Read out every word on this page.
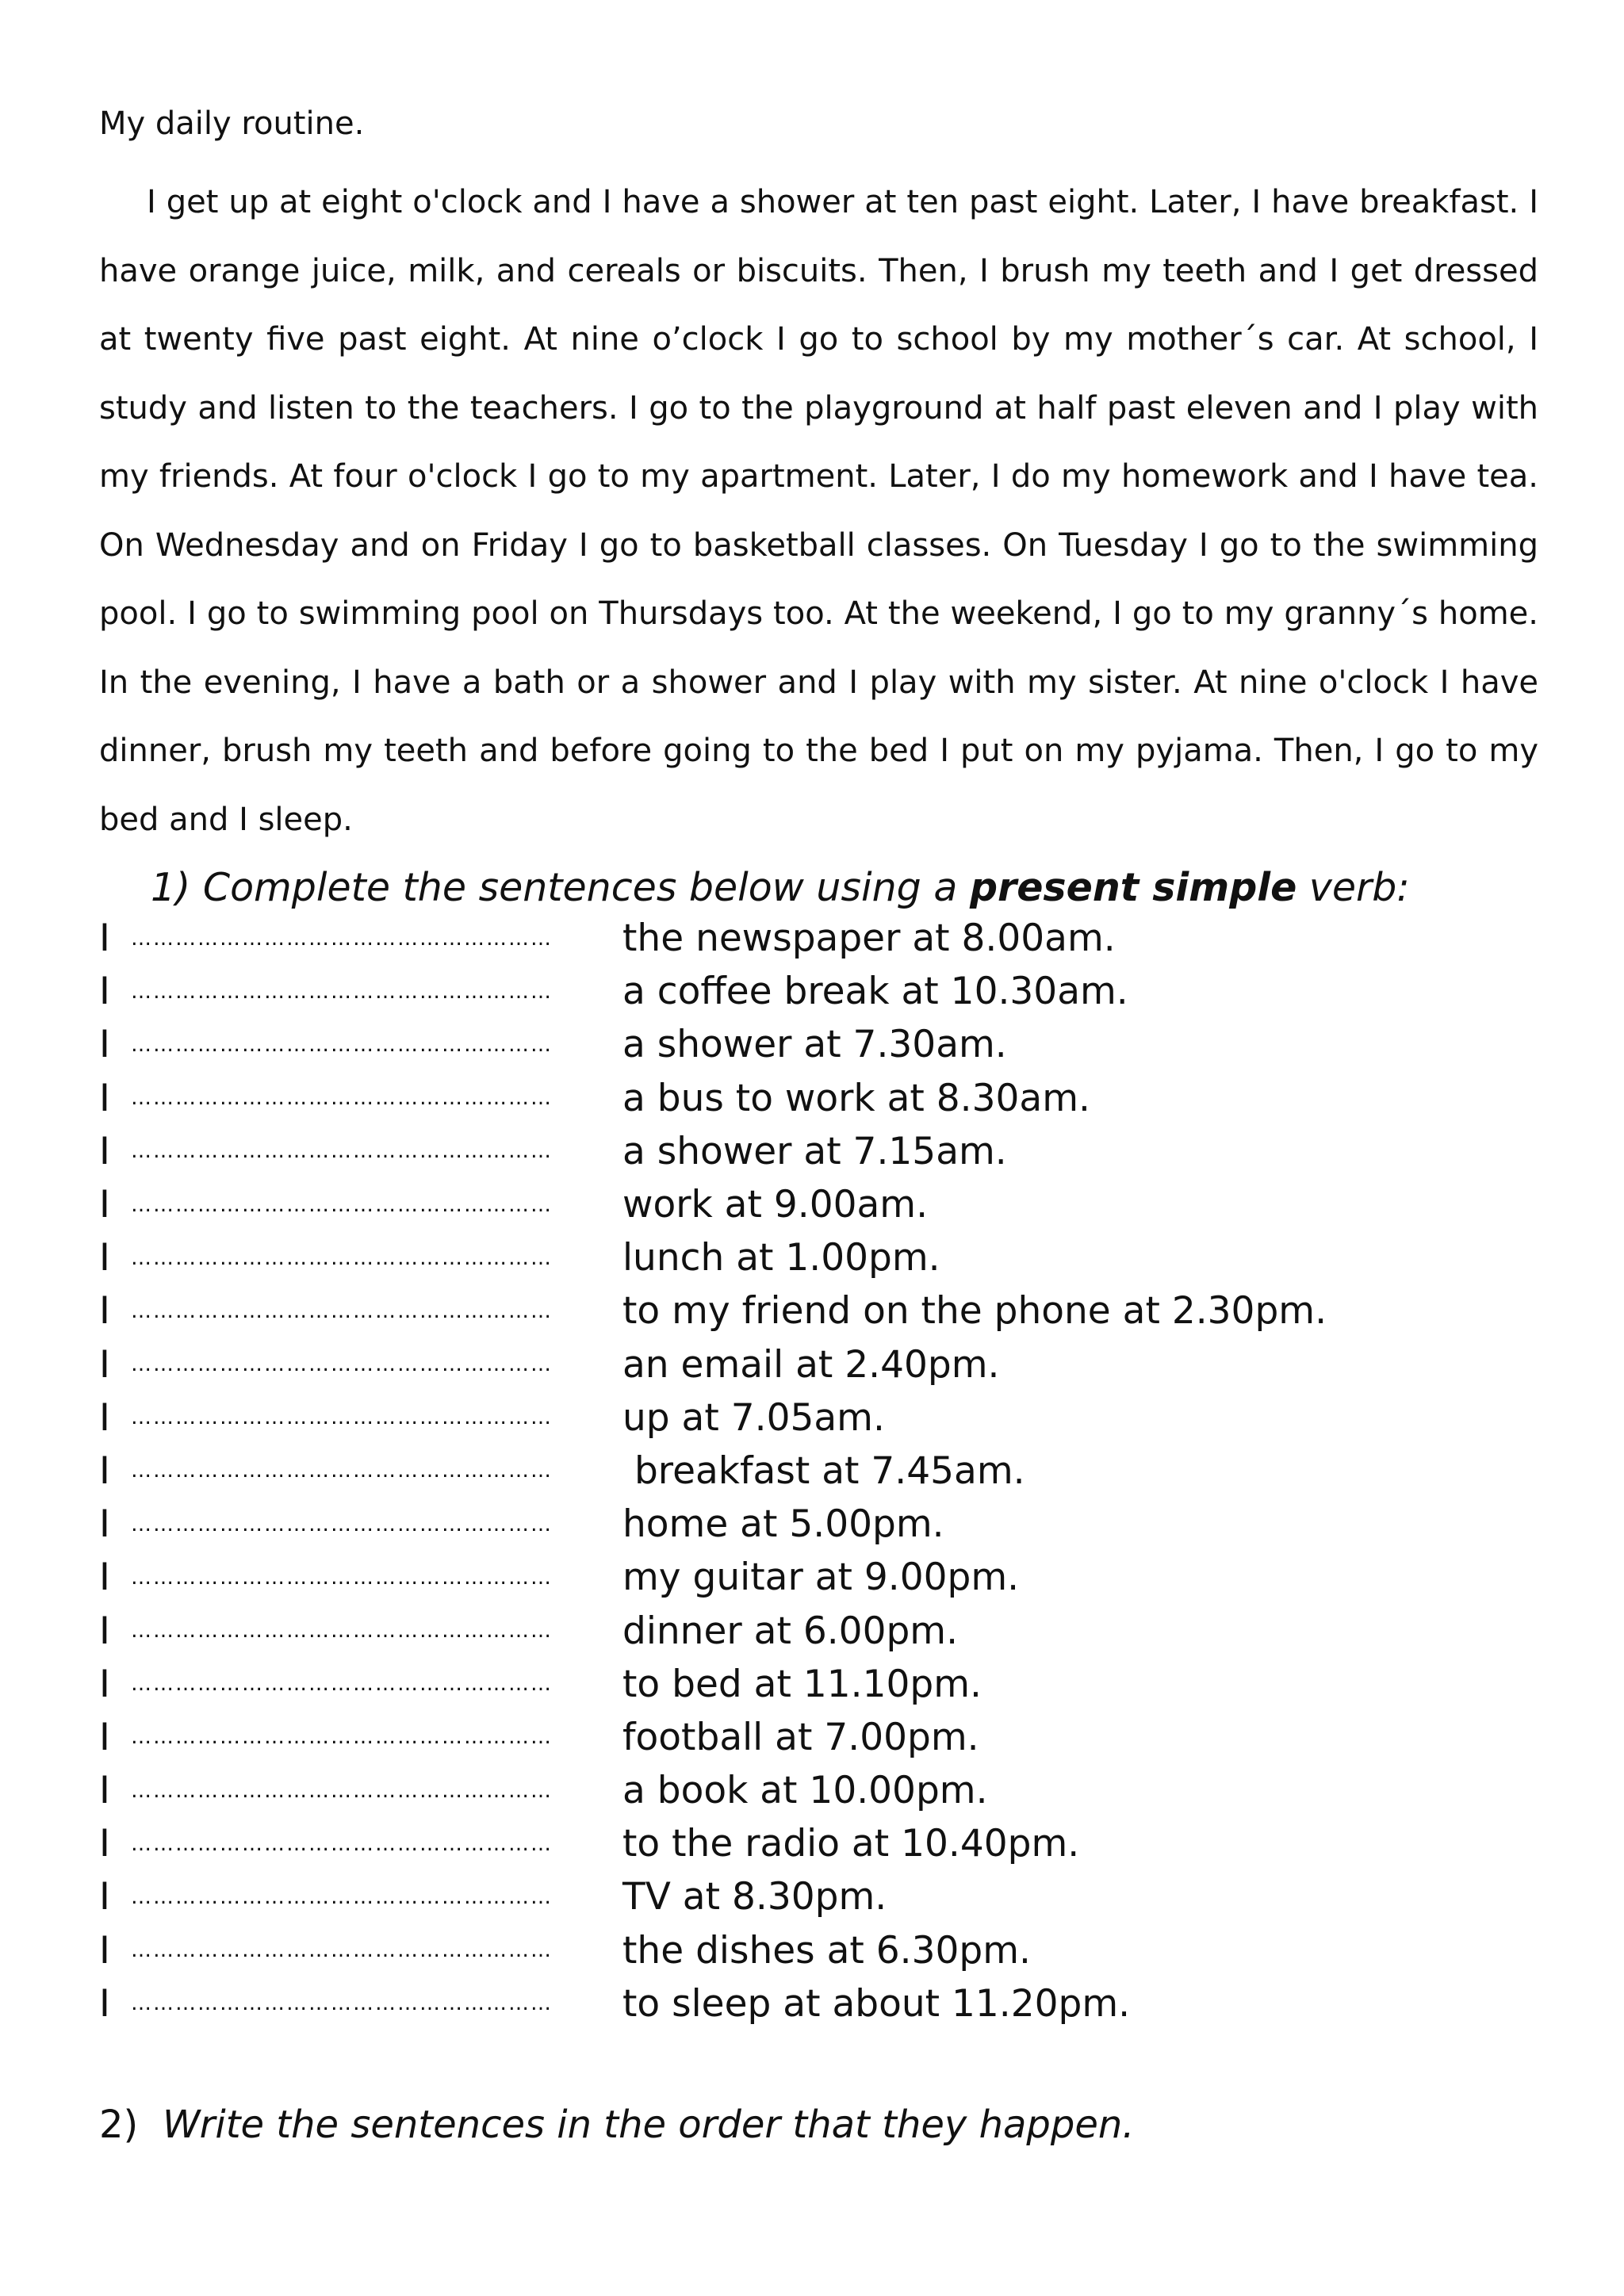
My daily routine.

I get up at eight o'clock and I have a shower at ten past eight. Later, I have breakfast. I have orange juice, milk, and cereals or biscuits. Then, I brush my teeth and I get dressed at twenty five past eight. At nine o’clock I go to school by my mother´s car. At school, I study and listen to the teachers. I go to the playground at half past eleven and I play with my friends. At four o'clock I go to my apartment. Later, I do my homework and I have tea. On Wednesday and on Friday I go to basketball classes. On Tuesday I go to the swimming pool. I go to swimming pool on Thursdays too. At the weekend, I go to my granny´s home. In the evening, I have a bath or a shower and I play with my sister. At nine o'clock I have dinner, brush my teeth and before going to the bed I put on my pyjama. Then, I go to my bed and I sleep.

1) Complete the sentences below using a present simple verb:
I	…………………………………………………	the newspaper at 8.00am.
I	…………………………………………………	a coffee break at 10.30am.
I	…………………………………………………	a shower at 7.30am.
I	…………………………………………………	a bus to work at 8.30am.
I	…………………………………………………	a shower at 7.15am.
I	…………………………………………………	work at 9.00am.
I	…………………………………………………	lunch at 1.00pm.
I	…………………………………………………	to my friend on the phone at 2.30pm.
I	…………………………………………………	an email at 2.40pm.
I	…………………………………………………	up at 7.05am.
I	…………………………………………………	breakfast at 7.45am.
I	…………………………………………………	home at 5.00pm.
I	…………………………………………………	my guitar at 9.00pm.
I	…………………………………………………	dinner at 6.00pm.
I	…………………………………………………	to bed at 11.10pm.
I	…………………………………………………	football at 7.00pm.
I	…………………………………………………	a book at 10.00pm.
I	…………………………………………………	to the radio at 10.40pm.
I	…………………………………………………	TV at 8.30pm.
I	…………………………………………………	the dishes at 6.30pm.
I	…………………………………………………	to sleep at about 11.20pm.
2) Write the sentences in the order that they happen.
